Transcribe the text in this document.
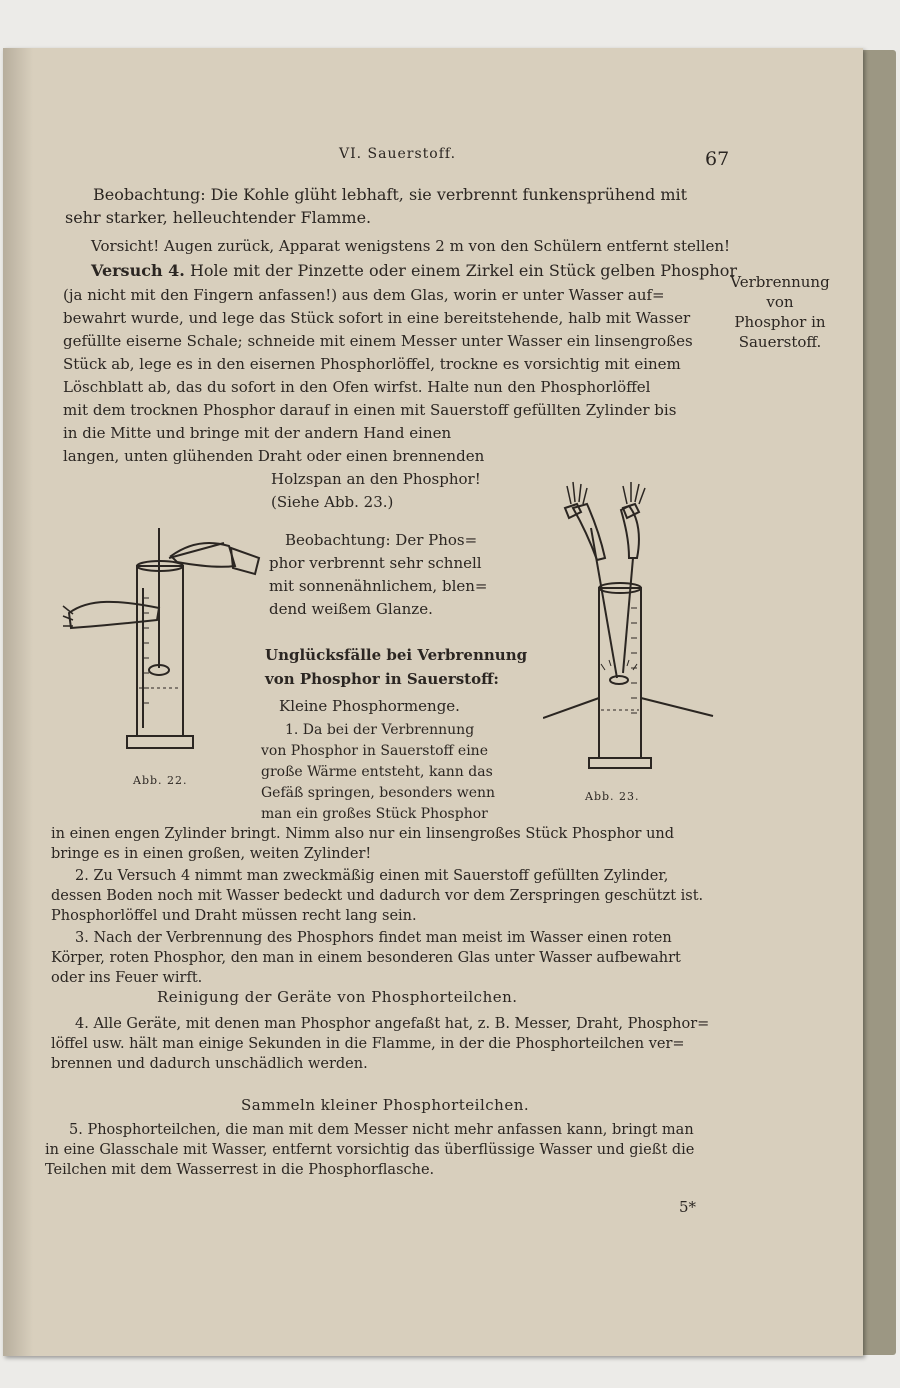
VI. Sauerstoff.	67
Beobachtung: Die Kohle glüht lebhaft, sie verbrennt funkensprühend mit
sehr starker, helleuchtender Flamme.
Vorsicht! Augen zurück, Apparat wenigstens 2 m von den Schülern entfernt stellen!
Versuch 4. Hole mit der Pinzette oder einem Zirkel ein Stück gelben Phosphor
(ja nicht mit den Fingern anfassen!) aus dem Glas, worin er unter Wasser auf=
bewahrt wurde, und lege das Stück sofort in eine bereitstehende, halb mit Wasser
gefüllte eiserne Schale; schneide mit einem Messer unter Wasser ein linsengroßes
Stück ab, lege es in den eisernen Phosphorlöffel, trockne es vorsichtig mit einem
Löschblatt ab, das du sofort in den Ofen wirfst. Halte nun den Phosphorlöffel
mit dem trocknen Phosphor darauf in einen mit Sauerstoff gefüllten Zylinder bis
in die Mitte und bringe mit der andern Hand einen
langen, unten glühenden Draht oder einen brennenden
Holzspan an den Phosphor!
(Siehe Abb. 23.)
Verbrennung
von
Phosphor in
Sauerstoff.
Beobachtung: Der Phos=
phor verbrennt sehr schnell
mit sonnenähnlichem, blen=
dend weißem Glanze.
Unglücksfälle bei Verbrennung
von Phosphor in Sauerstoff:
Kleine Phosphormenge.
1. Da bei der Verbrennung
von Phosphor in Sauerstoff eine
große Wärme entsteht, kann das
Gefäß springen, besonders wenn
man ein großes Stück Phosphor
in einen engen Zylinder bringt. Nimm also nur ein linsengroßes Stück Phosphor und
bringe es in einen großen, weiten Zylinder!
2. Zu Versuch 4 nimmt man zweckmäßig einen mit Sauerstoff gefüllten Zylinder,
dessen Boden noch mit Wasser bedeckt und dadurch vor dem Zerspringen geschützt ist.
Phosphorlöffel und Draht müssen recht lang sein.
3. Nach der Verbrennung des Phosphors findet man meist im Wasser einen roten
Körper, roten Phosphor, den man in einem besonderen Glas unter Wasser aufbewahrt
oder ins Feuer wirft.
Reinigung der Geräte von Phosphorteilchen.
4. Alle Geräte, mit denen man Phosphor angefaßt hat, z. B. Messer, Draht, Phosphor=
löffel usw. hält man einige Sekunden in die Flamme, in der die Phosphorteilchen ver=
brennen und dadurch unschädlich werden.
Sammeln kleiner Phosphorteilchen.
5. Phosphorteilchen, die man mit dem Messer nicht mehr anfassen kann, bringt man
in eine Glasschale mit Wasser, entfernt vorsichtig das überflüssige Wasser und gießt die
Teilchen mit dem Wasserrest in die Phosphorflasche.
5*
Abb. 22.
Abb. 23.
